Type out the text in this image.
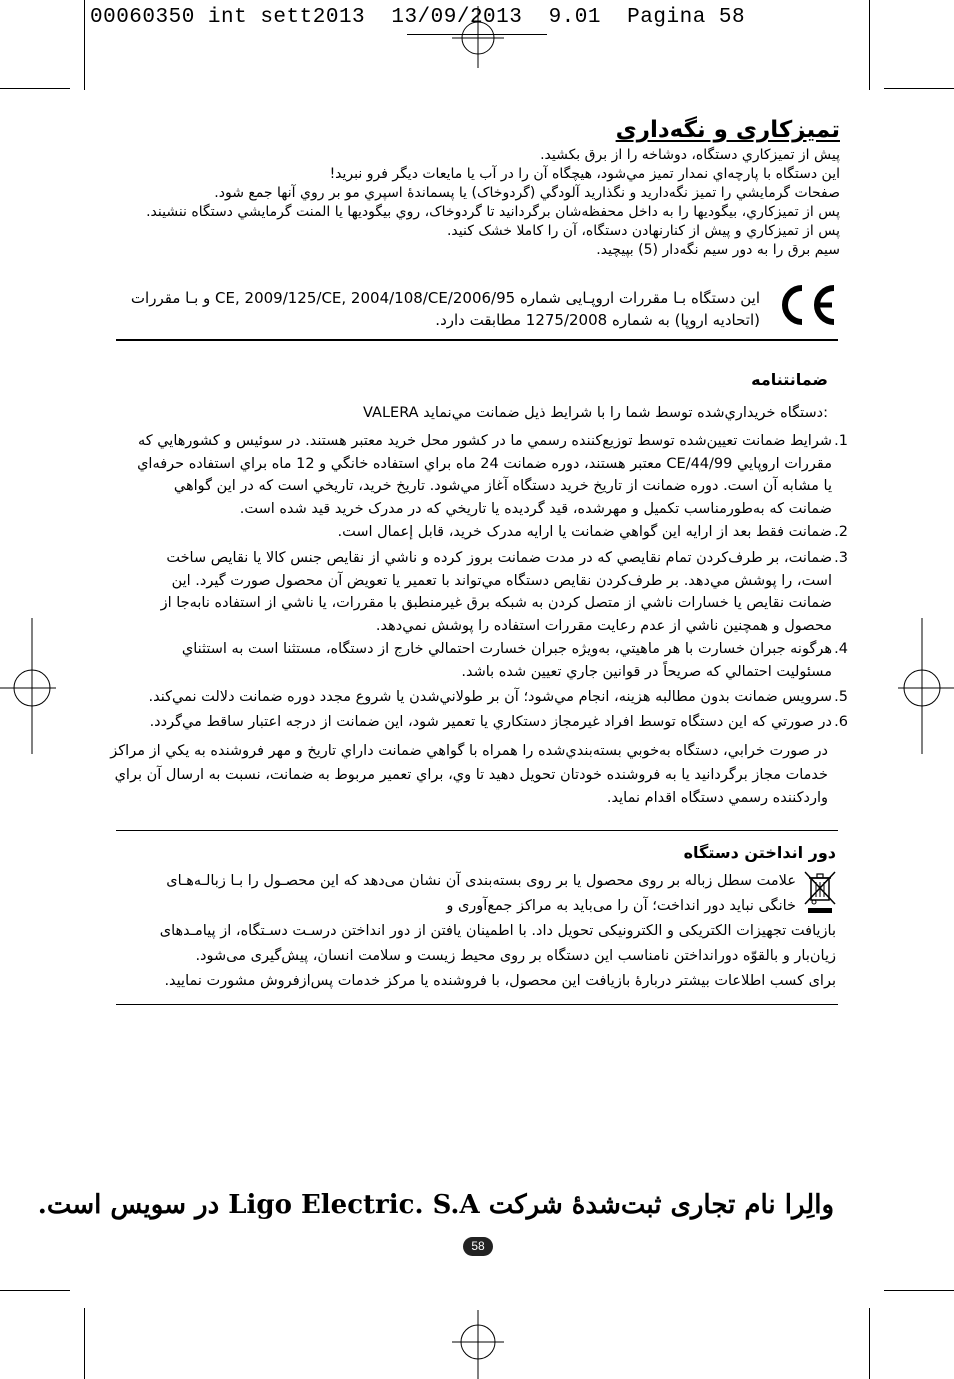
00060350 int sett2013  13/09/2013  9.01  Pagina 58
تمیزکاری و نگه‌داری
پیش از تمیزکاري دستگاه، دوشاخه را از برق بکشید.
این دستگاه با پارچه‌اي نمدار تمیز مي‌شود، هیچگاه آن را در آب یا مایعات دیگر فرو نبرید!
صفحات گرمایشي را تمیز نگه‌دارید و نگذارید آلودگي (گردوخاک) یا پسماندۀ اسپري مو بر روي آنها جمع شود.
پس از تمیزکاري، بیگوديها را به داخل محفظه‌شان برگردانید تا گردوخاک، روي بیگوديها یا المنت گرمایشي دستگاه ننشیند.
پس از تمیزکاري و پیش از کنارنهادن دستگاه، آن را کاملا خشک کنید.
سیم برق را به دور سیم نگه‌دار (5) بپیچید.
این دستگاه بـا مقررات اروپـایی شماره 2006/95/CE, 2009/125/CE, 2004/108/CE و بـا مقررات
(اتحادیه اروپا) به شماره 1275/2008 مطابقت دارد.
ضمانتنامه
VALERA دستگاه خریداري‌شده توسط شما را با شرایط ذیل ضمانت مي‌نماید:
1.
شرایط ضمانت تعیین‌شده توسط توزیع‌کننده رسمي ما در کشور محل خرید معتبر هستند. در سوئیس و کشورهایي که
مقررات اروپایي 44/99/CE معتبر هستند، دوره ضمانت 24 ماه براي استفاده خانگي و 12 ماه براي استفاده حرفه‌اي
یا مشابه آن است. دوره ضمانت از تاریخ خرید دستگاه آغاز مي‌شود. تاریخ خرید، تاریخي است که در این گواهي
ضمانت که به‌طورمناسب تکمیل و مهرشده، قید گردیده یا تاریخي که در مدرک خرید قید شده است.
2.
ضمانت فقط بعد از ارایه این گواهي ضمانت یا ارایه مدرک خرید، قابل إعمال است.
3.
ضمانت، بر طرف‌کردن تمام نقایصي که در مدت ضمانت بروز کرده و ناشي از نقایص جنس کالا یا نقایص ساخت
است، را پوشش مي‌دهد. بر طرف‌کردن نقایص دستگاه مي‌تواند با تعمیر یا تعویض آن محصول صورت گیرد. این
ضمانت نقایص یا خسارات ناشي از متصل کردن به شبکه برق غیرمنطبق با مقررات، یا ناشي از استفاده نابه‌جا از
محصول و همچنین ناشي از عدم رعایت مقررات استفاده را پوشش نمي‌دهد.
4.
هرگونه جبران خسارت با هر ماهیتي، به‌ویژه جبران خسارت احتمالي خارج از دستگاه، مستثنا است به استثناي
مسئولیت احتمالي که صریحاً در قوانین جاري تعیین شده باشد.
5.
سرویس ضمانت بدون مطالبه هزینه، انجام مي‌شود؛ آن بر طولاني‌شدن یا شروع مجدد دوره ضمانت دلالت نمي‌کند.
6.
در صورتي که این دستگاه توسط افراد غیرمجاز دستکاري یا تعمیر شود، این ضمانت از درجه اعتبار ساقط مي‌گردد.
در صورت خرابي، دستگاه به‌خوبي بسته‌بندي‌شده را همراه با گواهي ضمانت داراي تاریخ و مهر فروشنده به یکي از مراکز
خدمات مجاز برگردانید یا به فروشنده خودتان تحویل دهید تا وي، براي تعمیر مربوط به ضمانت، نسبت به ارسال آن براي
واردکننده رسمي دستگاه اقدام نماید.
دور انداختن دستگاه
علامت سطل زباله بر روی محصول یا بر روی بسته‌بندی آن نشان می‌دهد که این محصـول را بـا زبالـه‌هـای
خانگی نباید دور انداخت؛ آن را می‌باید به مراکز جمع‌آوری و
بازیافت تجهیزات الکتریکی و الکترونیکی تحویل داد. با اطمینان یافتن از دور انداختن درسـت دسـتگاه، از پیامـدهای
زیان‌بار و بالقوّه دورانداختن نامناسب این دستگاه بر روی محیط زیست و سلامت انسان، پیش‌گیری می‌شود.
برای کسب اطلاعات بیشتر دربارۀ بازیافت این محصول، با فروشنده یا مرکز خدمات پس‌ازفروش مشورت نمایید.
والِرا نام تجاری ثبت‌شدۀ شرکت Ligo Electric. S.A در سویس است.
58
